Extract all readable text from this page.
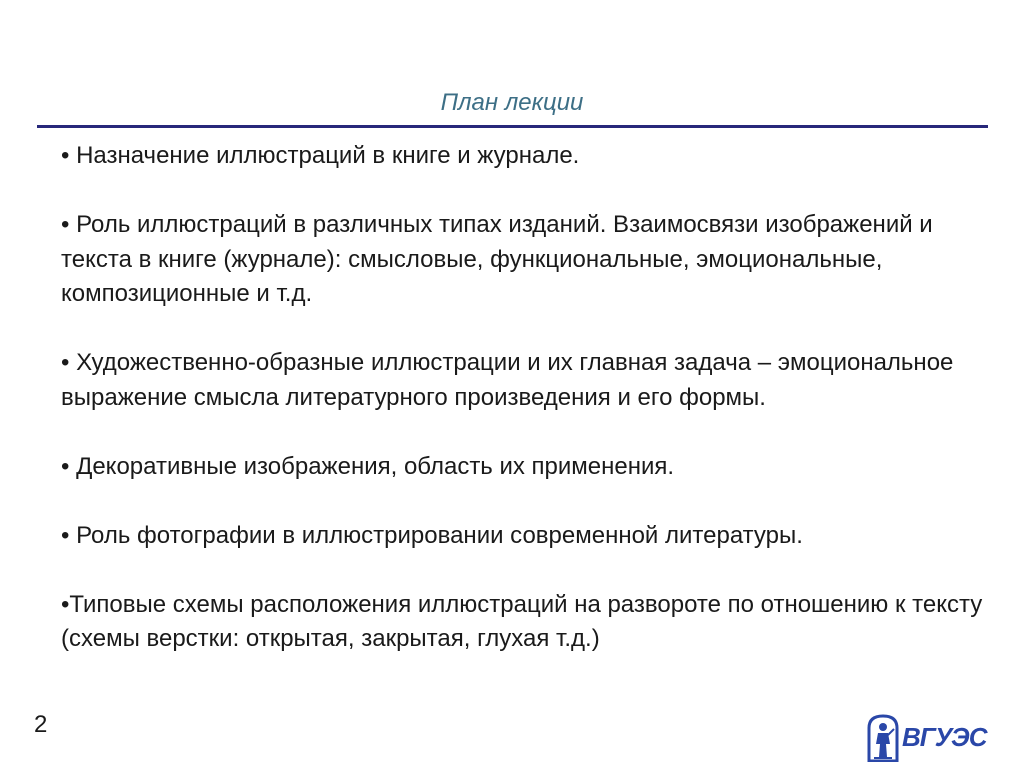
План лекции
• Назначение иллюстраций в книге и журнале.
• Роль иллюстраций в различных типах изданий. Взаимосвязи изображений и текста в книге (журнале): смысловые, функциональные, эмоциональные, композиционные и т.д.
• Художественно-образные иллюстрации и их главная задача – эмоциональное выражение смысла литературного произведения и его формы.
• Декоративные изображения, область их применения.
• Роль фотографии в иллюстрировании современной литературы.
•Типовые схемы расположения иллюстраций на развороте по отношению к тексту (схемы верстки: открытая, закрытая, глухая т.д.)
2	ВГУЭС
